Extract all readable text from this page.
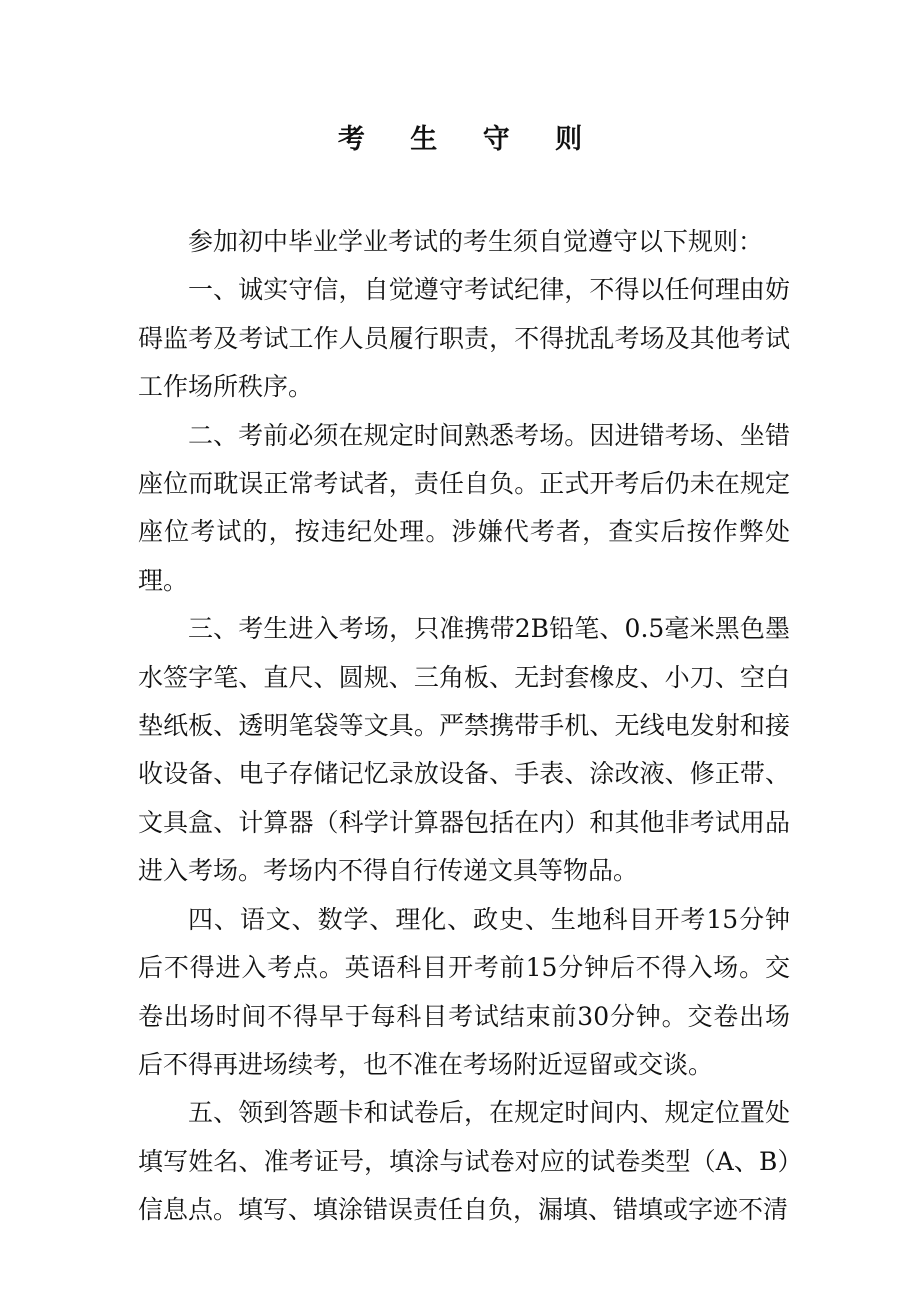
考 生 守 则

参加初中毕业学业考试的考生须自觉遵守以下规则：

一、诚实守信，自觉遵守考试纪律，不得以任何理由妨碍监考及考试工作人员履行职责，不得扰乱考场及其他考试工作场所秩序。

二、考前必须在规定时间熟悉考场。因进错考场、坐错座位而耽误正常考试者，责任自负。正式开考后仍未在规定座位考试的，按违纪处理。涉嫌代考者，查实后按作弊处理。

三、考生进入考场，只准携带2B铅笔、0.5毫米黑色墨水签字笔、直尺、圆规、三角板、无封套橡皮、小刀、空白垫纸板、透明笔袋等文具。严禁携带手机、无线电发射和接收设备、电子存储记忆录放设备、手表、涂改液、修正带、文具盒、计算器（科学计算器包括在内）和其他非考试用品进入考场。考场内不得自行传递文具等物品。

四、语文、数学、理化、政史、生地科目开考15分钟后不得进入考点。英语科目开考前15分钟后不得入场。交卷出场时间不得早于每科目考试结束前30分钟。交卷出场后不得再进场续考，也不准在考场附近逗留或交谈。

五、领到答题卡和试卷后，在规定时间内、规定位置处填写姓名、准考证号，填涂与试卷对应的试卷类型（A、B）信息点。填写、填涂错误责任自负，漏填、错填或字迹不清
